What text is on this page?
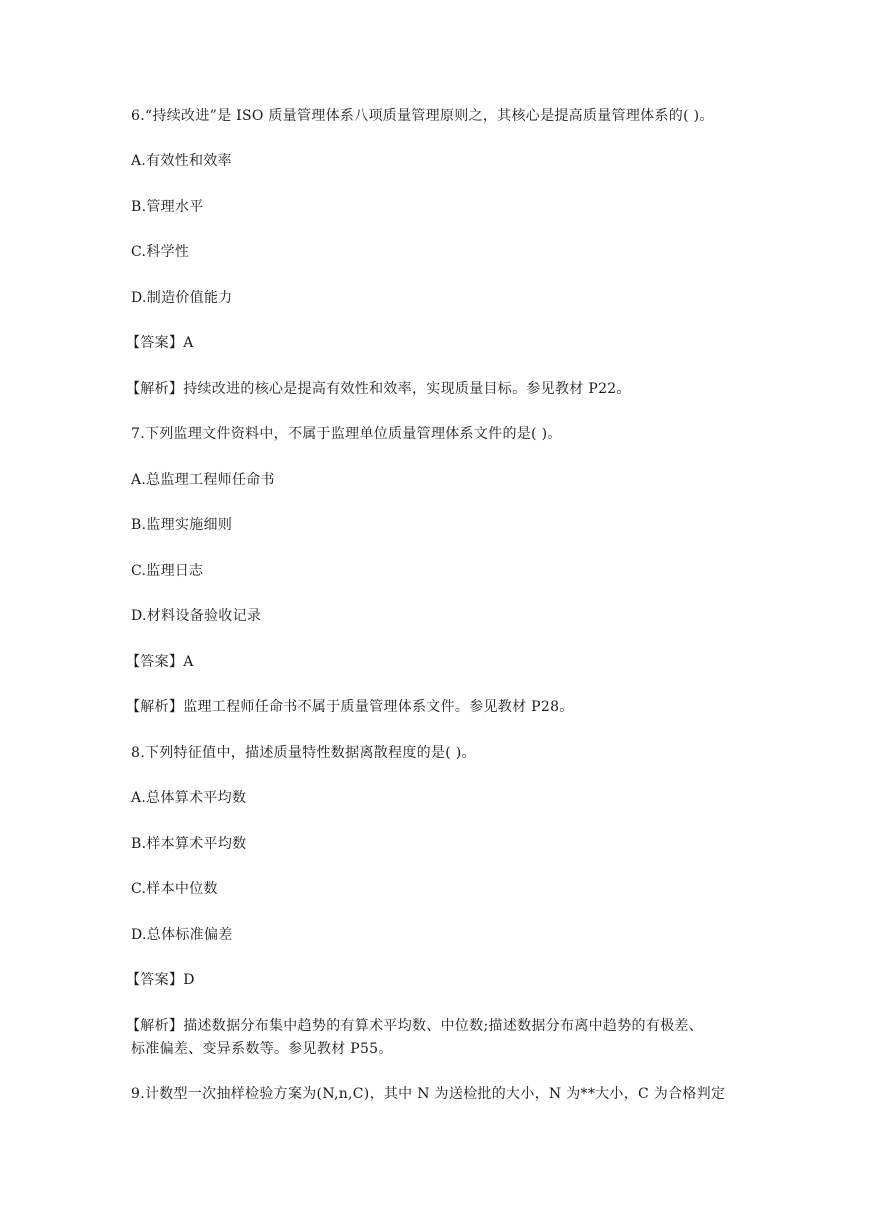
6.“持续改进”是 ISO 质量管理体系八项质量管理原则之，其核心是提高质量管理体系的( )。
A.有效性和效率
B.管理水平
C.科学性
D.制造价值能力
【答案】A
【解析】持续改进的核心是提高有效性和效率，实现质量目标。参见教材 P22。
7.下列监理文件资料中，不属于监理单位质量管理体系文件的是( )。
A.总监理工程师任命书
B.监理实施细则
C.监理日志
D.材料设备验收记录
【答案】A
【解析】监理工程师任命书不属于质量管理体系文件。参见教材 P28。
8.下列特征值中，描述质量特性数据离散程度的是( )。
A.总体算术平均数
B.样本算术平均数
C.样本中位数
D.总体标准偏差
【答案】D
【解析】描述数据分布集中趋势的有算术平均数、中位数;描述数据分布离中趋势的有极差、
标准偏差、变异系数等。参见教材 P55。
9.计数型一次抽样检验方案为(N,n,C)，其中 N 为送检批的大小，N 为**大小，C 为合格判定
